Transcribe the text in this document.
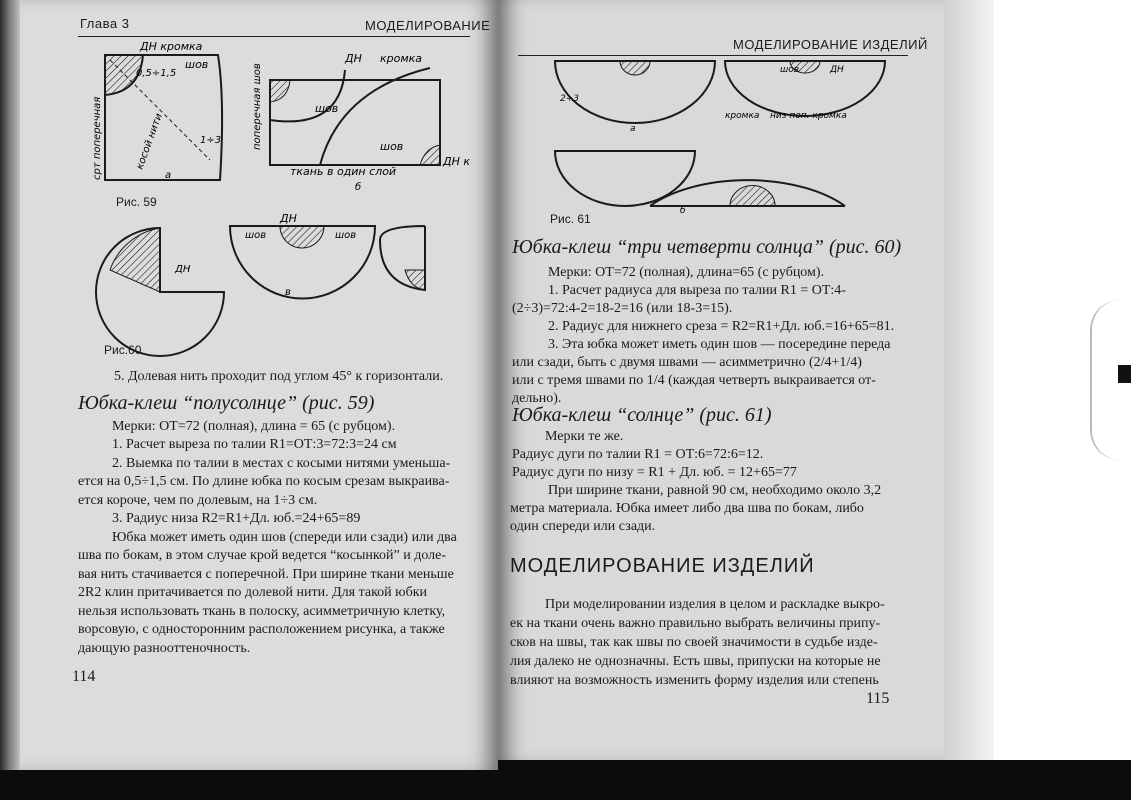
Глава 3	МОДЕЛИРОВАНИЕ
ДН кромка
шов
0,5÷1,5
1÷3
а
ДН кромка
шов
шов
ткань в один слой
ДН к
б
срт поперечная	косой нити	поперечная шов
ДН
шов	шов
ДН
в
Рис. 59
Рис.60
5. Долевая нить проходит под углом 45° к горизонтали.
Юбка-клеш “полусолнце” (рис. 59)
Мерки: ОТ=72 (полная), длина = 65 (с рубцом).
1. Расчет выреза по талии R1=ОТ:3=72:3=24 см
2. Выемка по талии в местах с косыми нитями уменьша-
ется на 0,5÷1,5 см. По длине юбка по косым срезам выкраива-
ется короче, чем по долевым, на 1÷3 см.
3. Радиус низа R2=R1+Дл. юб.=24+65=89
Юбка может иметь один шов (спереди или сзади) или два
шва по бокам, в этом случае крой ведется “косынкой” и доле-
вая нить стачивается с поперечной. При ширине ткани меньше
2R2 клин притачивается по долевой нити. Для такой юбки
нельзя использовать ткань в полоску, асимметричную клетку,
ворсовую, с односторонним расположением рисунка, а также
дающую разнооттеночность.
114
МОДЕЛИРОВАНИЕ ИЗДЕЛИЙ
шов	ДН
кромка низ поп. кромка
2÷3
а
б
Рис. 61
Юбка-клеш “три четверти солнца” (рис. 60)
Мерки: ОТ=72 (полная), длина=65 (с рубцом).
1. Расчет радиуса для выреза по талии R1 = ОТ:4-
(2÷3)=72:4-2=18-2=16 (или 18-3=15).
2. Радиус для нижнего среза = R2=R1+Дл. юб.=16+65=81.
3. Эта юбка может иметь один шов — посередине переда
или сзади, быть с двумя швами — асимметрично (2/4+1/4)
или с тремя швами по 1/4 (каждая четверть выкраивается от-
дельно).
Юбка-клеш “солнце” (рис. 61)
Мерки те же.
Радиус дуги по талии R1 = ОТ:6=72:6=12.
Радиус дуги по низу = R1 + Дл. юб. = 12+65=77
При ширине ткани, равной 90 см, необходимо около 3,2
метра материала. Юбка имеет либо два шва по бокам, либо
один спереди или сзади.
МОДЕЛИРОВАНИЕ ИЗДЕЛИЙ
При моделировании изделия в целом и раскладке выкро-
ек на ткани очень важно правильно выбрать величины припу-
сков на швы, так как швы по своей значимости в судьбе изде-
лия далеко не однозначны. Есть швы, припуски на которые не
влияют на возможность изменить форму изделия или степень
115
